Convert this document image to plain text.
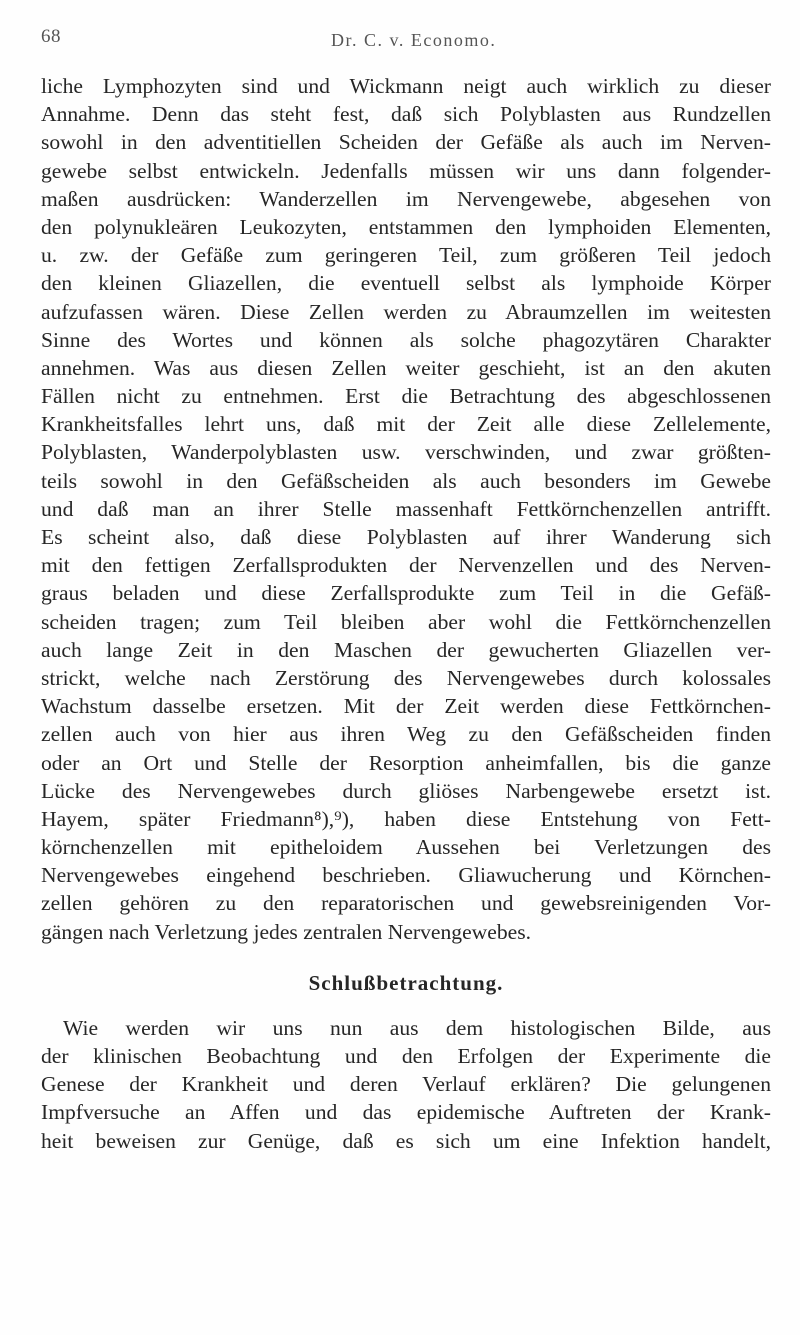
68	Dr. C. v. Economo.
liche Lymphozyten sind und Wickmann neigt auch wirklich zu dieser
Annahme. Denn das steht fest, daß sich Polyblasten aus Rundzellen
sowohl in den adventitiellen Scheiden der Gefäße als auch im Nerven-
gewebe selbst entwickeln. Jedenfalls müssen wir uns dann folgender-
maßen ausdrücken: Wanderzellen im Nervengewebe, abgesehen von
den polynukleären Leukozyten, entstammen den lymphoiden Elementen,
u. zw. der Gefäße zum geringeren Teil, zum größeren Teil jedoch
den kleinen Gliazellen, die eventuell selbst als lymphoide Körper
aufzufassen wären. Diese Zellen werden zu Abraumzellen im weitesten
Sinne des Wortes und können als solche phagozytären Charakter
annehmen. Was aus diesen Zellen weiter geschieht, ist an den akuten
Fällen nicht zu entnehmen. Erst die Betrachtung des abgeschlossenen
Krankheitsfalles lehrt uns, daß mit der Zeit alle diese Zellelemente,
Polyblasten, Wanderpolyblasten usw. verschwinden, und zwar größten-
teils sowohl in den Gefäßscheiden als auch besonders im Gewebe
und daß man an ihrer Stelle massenhaft Fettkörnchenzellen antrifft.
Es scheint also, daß diese Polyblasten auf ihrer Wanderung sich
mit den fettigen Zerfallsprodukten der Nervenzellen und des Nerven-
graus beladen und diese Zerfallsprodukte zum Teil in die Gefäß-
scheiden tragen; zum Teil bleiben aber wohl die Fettkörnchenzellen
auch lange Zeit in den Maschen der gewucherten Gliazellen ver-
strickt, welche nach Zerstörung des Nervengewebes durch kolossales
Wachstum dasselbe ersetzen. Mit der Zeit werden diese Fettkörnchen-
zellen auch von hier aus ihren Weg zu den Gefäßscheiden finden
oder an Ort und Stelle der Resorption anheimfallen, bis die ganze
Lücke des Nervengewebes durch gliöses Narbengewebe ersetzt ist.
Hayem, später Friedmann⁸),⁹), haben diese Entstehung von Fett-
körnchenzellen mit epitheloidem Aussehen bei Verletzungen des
Nervengewebes eingehend beschrieben. Gliawucherung und Körnchen-
zellen gehören zu den reparatorischen und gewebsreinigenden Vor-
gängen nach Verletzung jedes zentralen Nervengewebes.
Schlußbetrachtung.
Wie werden wir uns nun aus dem histologischen Bilde, aus
der klinischen Beobachtung und den Erfolgen der Experimente die
Genese der Krankheit und deren Verlauf erklären? Die gelungenen
Impfversuche an Affen und das epidemische Auftreten der Krank-
heit beweisen zur Genüge, daß es sich um eine Infektion handelt,
